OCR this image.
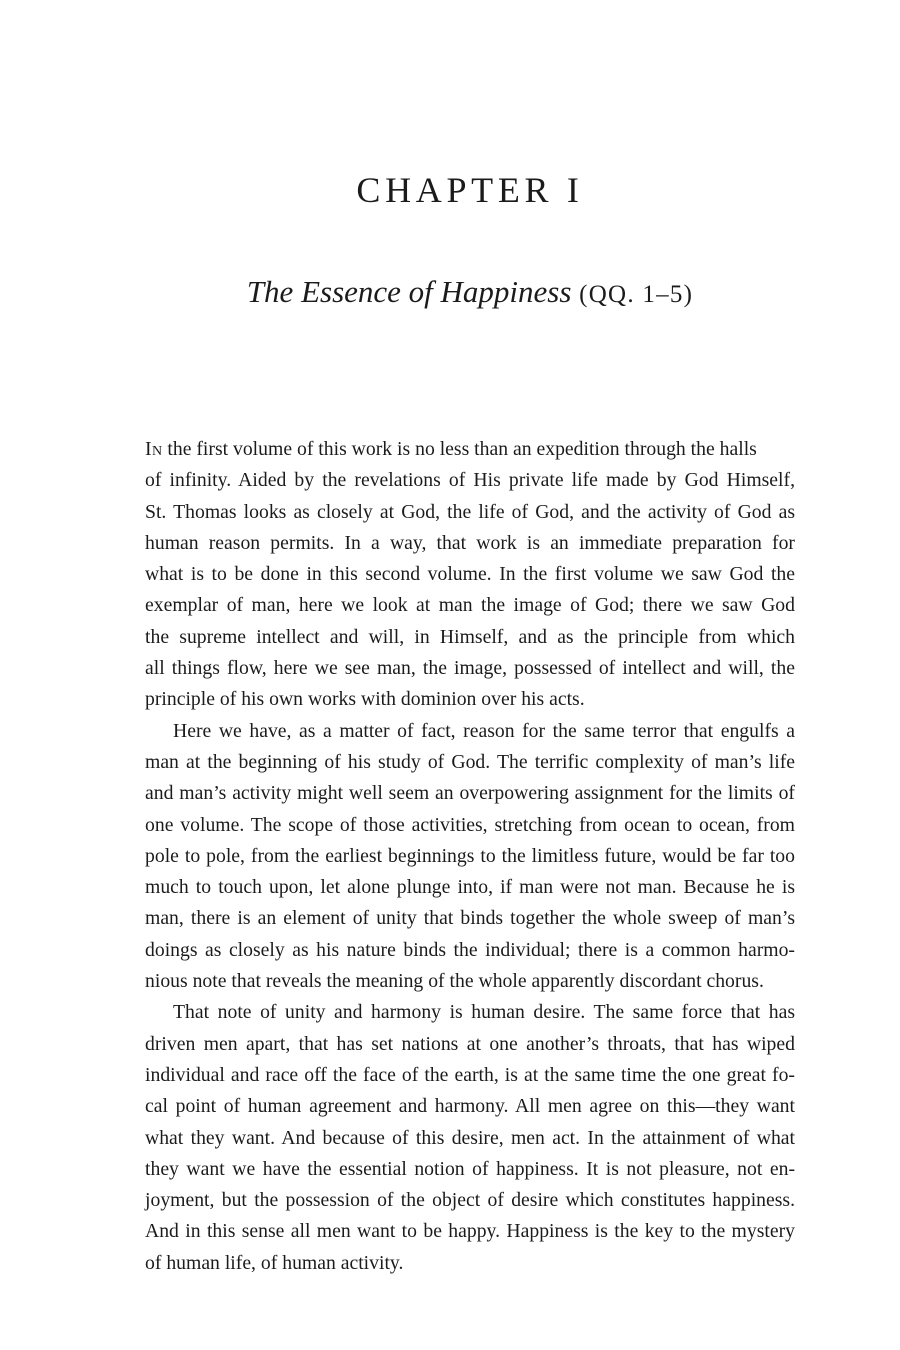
CHAPTER I
The Essence of Happiness (QQ. 1–5)

In the first volume of this work is no less than an expedition through the halls
of infinity. Aided by the revelations of His private life made by God Himself,
St. Thomas looks as closely at God, the life of God, and the activity of God as
human reason permits. In a way, that work is an immediate preparation for
what is to be done in this second volume. In the first volume we saw God the
exemplar of man, here we look at man the image of God; there we saw God
the supreme intellect and will, in Himself, and as the principle from which
all things flow, here we see man, the image, possessed of intellect and will, the
principle of his own works with dominion over his acts.

Here we have, as a matter of fact, reason for the same terror that engulfs a
man at the beginning of his study of God. The terrific complexity of man’s life
and man’s activity might well seem an overpowering assignment for the limits of
one volume. The scope of those activities, stretching from ocean to ocean, from
pole to pole, from the earliest beginnings to the limitless future, would be far too
much to touch upon, let alone plunge into, if man were not man. Because he is
man, there is an element of unity that binds together the whole sweep of man’s
doings as closely as his nature binds the individual; there is a common harmo-
nious note that reveals the meaning of the whole apparently discordant chorus.

That note of unity and harmony is human desire. The same force that has
driven men apart, that has set nations at one another’s throats, that has wiped
individual and race off the face of the earth, is at the same time the one great fo-
cal point of human agreement and harmony. All men agree on this—they want
what they want. And because of this desire, men act. In the attainment of what
they want we have the essential notion of happiness. It is not pleasure, not en-
joyment, but the possession of the object of desire which constitutes happiness.
And in this sense all men want to be happy. Happiness is the key to the mystery
of human life, of human activity.
